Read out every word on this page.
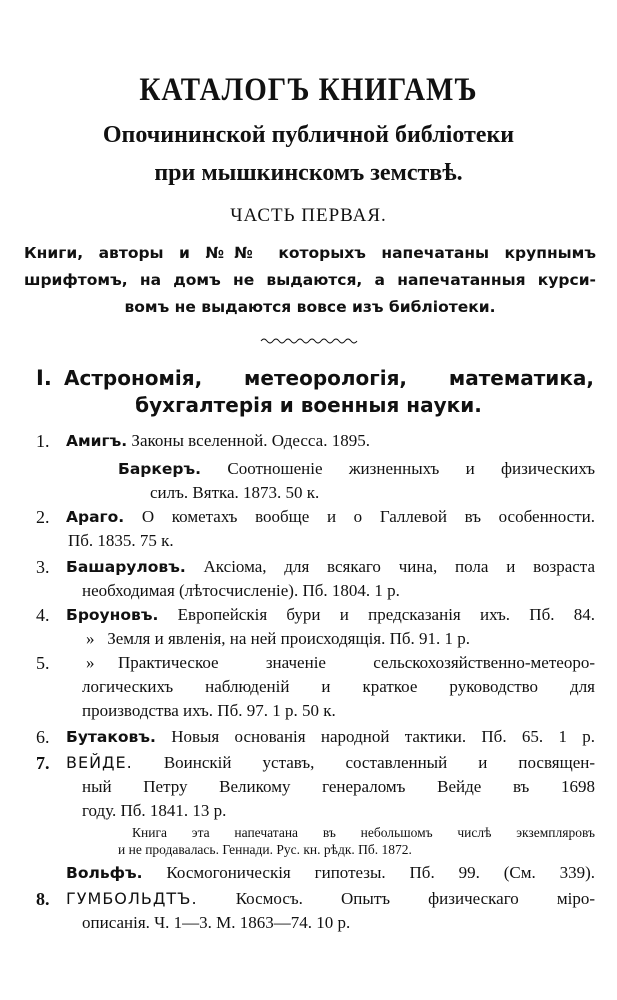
КАТАЛОГЪ КНИГАМЪ
Опочининской публичной библіотеки
при мышкинскомъ земствѣ.
ЧАСТЬ ПЕРВАЯ.
Книги, авторы и №№ которыхъ напечатаны крупнымъ
шрифтомъ, на домъ не выдаются, а напечатанныя курси-
вомъ не выдаются вовсе изъ библіотеки.
I. Астрономія, метеорологія, математика,
бухгалтерія и военныя науки.
1. Амигъ. Законы вселенной. Одесса. 1895.
Баркеръ. Соотношеніе жизненныхъ и физическихъ
силъ. Вятка. 1873. 50 к.
2. Араго. О кометахъ вообще и о Галлевой въ особенности.
Пб. 1835. 75 к.
3. Башаруловъ. Аксіома, для всякаго чина, пола и возраста
необходимая (лѣтосчисленіе). Пб. 1804. 1 р.
4. Броуновъ. Европейскія бури и предсказанія ихъ. Пб. 84.
» Земля и явленія, на ней происходящія. Пб. 91. 1 р.
5. » Практическое значеніе сельскохозяйственно-метеоро-
логическихъ наблюденій и краткое руководство для
производства ихъ. Пб. 97. 1 р. 50 к.
6. Бутаковъ. Новыя основанія народной тактики. Пб. 65. 1 р.
7. ВЕЙДЕ. Воинскій уставъ, составленный и посвящен-
ный Петру Великому генераломъ Вейде въ 1698
году. Пб. 1841. 13 р.
Книга эта напечатана въ небольшомъ числѣ экземпляровъ
и не продавалась. Геннади. Рус. кн. рѣдк. Пб. 1872.
Вольфъ. Космогоническія гипотезы. Пб. 99. (См. 339).
8. ГУМБОЛЬДТЪ. Космосъ. Опытъ физическаго міро-
описанія. Ч. 1—3. М. 1863—74. 10 р.
